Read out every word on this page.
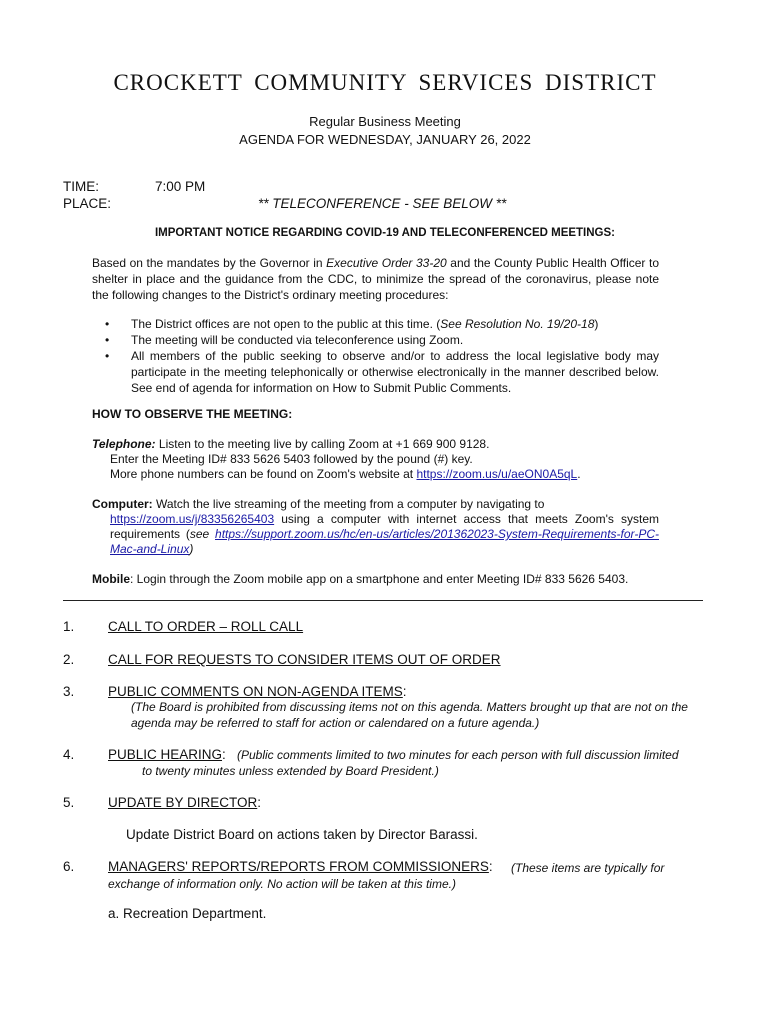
CROCKETT COMMUNITY SERVICES DISTRICT
Regular Business Meeting
AGENDA FOR WEDNESDAY, JANUARY 26, 2022
TIME:	7:00 PM
PLACE:	** TELECONFERENCE - SEE BELOW **
IMPORTANT NOTICE REGARDING COVID-19 AND TELECONFERENCED MEETINGS:
Based on the mandates by the Governor in Executive Order 33-20 and the County Public Health Officer to shelter in place and the guidance from the CDC, to minimize the spread of the coronavirus, please note the following changes to the District's ordinary meeting procedures:
• The District offices are not open to the public at this time. (See Resolution No. 19/20-18)
• The meeting will be conducted via teleconference using Zoom.
• All members of the public seeking to observe and/or to address the local legislative body may participate in the meeting telephonically or otherwise electronically in the manner described below. See end of agenda for information on How to Submit Public Comments.
HOW TO OBSERVE THE MEETING:
Telephone: Listen to the meeting live by calling Zoom at +1 669 900 9128.
Enter the Meeting ID# 833 5626 5403 followed by the pound (#) key.
More phone numbers can be found on Zoom's website at https://zoom.us/u/aeON0A5qL.
Computer: Watch the live streaming of the meeting from a computer by navigating to
https://zoom.us/j/83356265403 using a computer with internet access that meets Zoom's system requirements (see https://support.zoom.us/hc/en-us/articles/201362023-System-Requirements-for-PC-Mac-and-Linux)
Mobile: Login through the Zoom mobile app on a smartphone and enter Meeting ID# 833 5626 5403.
1. CALL TO ORDER – ROLL CALL
2. CALL FOR REQUESTS TO CONSIDER ITEMS OUT OF ORDER
3. PUBLIC COMMENTS ON NON-AGENDA ITEMS:
(The Board is prohibited from discussing items not on this agenda. Matters brought up that are not on the agenda may be referred to staff for action or calendared on a future agenda.)
4. PUBLIC HEARING: (Public comments limited to two minutes for each person with full discussion limited
to twenty minutes unless extended by Board President.)
5. UPDATE BY DIRECTOR:
Update District Board on actions taken by Director Barassi.
6. MANAGERS' REPORTS/REPORTS FROM COMMISSIONERS: (These items are typically for
exchange of information only. No action will be taken at this time.)
a. Recreation Department.
